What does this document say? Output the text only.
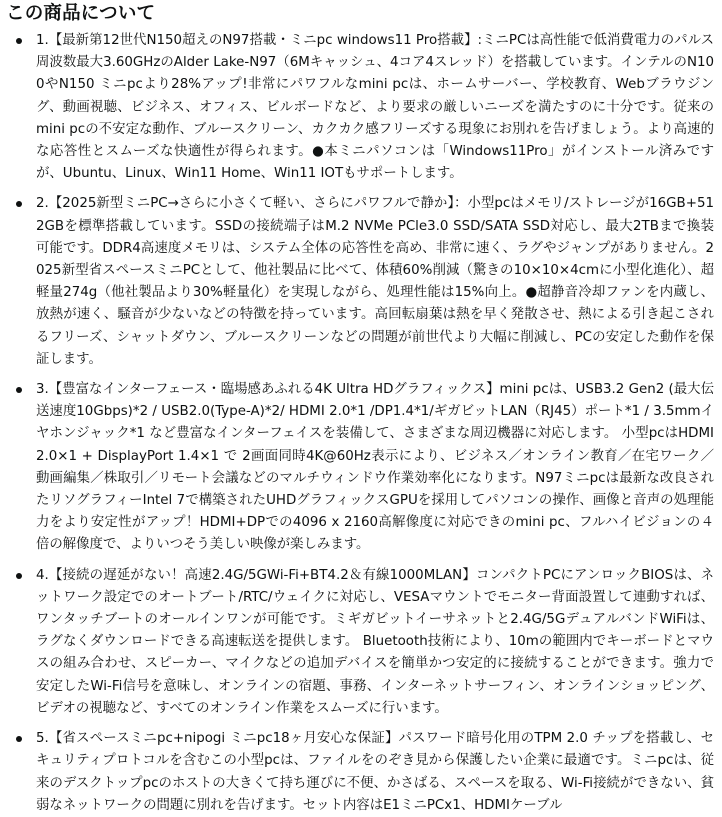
この商品について
1.【最新第12世代N150超えのN97搭載・ミニpc windows11 Pro搭載】:ミニPCは高性能で低消費電力のパルス周波数最大3.60GHzのAlder Lake-N97（6Mキャッシュ、4コア4スレッド）を搭載しています。インテルのN100やN150 ミニpcより28%アップ!非常にパワフルなmini pcは、ホームサーバー、学校教育、Webブラウジング、動画視聴、ビジネス、オフィス、ビルボードなど、より要求の厳しいニーズを満たすのに十分です。従来のmini pcの不安定な動作、ブルースクリーン、カクカク感フリーズする現象にお別れを告げましょう。より高速的な応答性とスムーズな快適性が得られます。●本ミニパソコンは「Windows11Pro」がインストール済みですが、Ubuntu、Linux、Win11 Home、Win11 IOTもサポートします。
2.【2025新型ミニPC→さらに小さくて軽い、さらにパワフルで静か】：小型pcはメモリ/ストレージが16GB+512GBを標準搭載しています。SSDの接続端子はM.2 NVMe PCle3.0 SSD/SATA SSD対応し、最大2TBまで換装可能です。DDR4高速度メモリは、システム全体の応答性を高め、非常に速く、ラグやジャンプがありません。2025新型省スペースミニPCとして、他社製品に比べて、体積60%削減（驚きの10×10×4cmに小型化進化）、超軽量274g（他社製品より30%軽量化）を実現しながら、処理性能は15%向上。●超静音冷却ファンを内蔵し、放熱が速く、騒音が少ないなどの特徴を持っています。高回転扇葉は熱を早く発散させ、熱による引き起こされるフリーズ、シャットダウン、ブルースクリーンなどの問題が前世代より大幅に削減し、PCの安定した動作を保証します。
3.【豊富なインターフェース・臨場感あふれる4K Ultra HDグラフィックス】mini pcは、USB3.2 Gen2 (最大伝送速度10Gbps)*2 / USB2.0(Type-A)*2/ HDMI 2.0*1 /DP1.4*1/ギガビットLAN（RJ45）ポート*1 / 3.5mmイヤホンジャック*1 など豊富なインターフェイスを装備して、さまざまな周辺機器に対応します。 小型pcはHDMI 2.0×1 + DisplayPort 1.4×1 で 2画面同時4K@60Hz表示により、ビジネス／オンライン教育／在宅ワーク／動画編集／株取引／リモート会議などのマルチウィンドウ作業効率化になります。N97ミニpcは最新な改良されたリソグラフィーIntel 7で構築されたUHDグラフィックスGPUを採用してパソコンの操作、画像と音声の処理能力をより安定性がアップ！HDMI+DPでの4096 x 2160高解像度に対応できのmini pc、フルハイビジョンの４倍の解像度で、よりいつそう美しい映像が楽しみます。
4.【接続の遅延がない！高速2.4G/5GWi-Fi+BT4.2＆有線1000MLAN】コンパクトPCにアンロックBIOSは、ネットワーク設定でのオートブート/RTC/ウェイクに対応し、VESAマウントでモニター背面設置して連動すれば、ワンタッチブートのオールインワンが可能です。ミギガビットイーサネットと2.4G/5GデュアルバンドWiFiは、ラグなくダウンロードできる高速転送を提供します。 Bluetooth技術により、10mの範囲内でキーボードとマウスの組み合わせ、スピーカー、マイクなどの追加デバイスを簡単かつ安定的に接続することができます。強力で安定したWi-Fi信号を意味し、オンラインの宿題、事務、インターネットサーフィン、オンラインショッピング、ビデオの視聴など、すべてのオンライン作業をスムーズに行います。
5.【省スペースミニpc+nipogi ミニpc18ヶ月安心な保証】パスワード暗号化用のTPM 2.0 チップを搭載し、セキュリティプロトコルを含むこの小型pcは、ファイルをのぞき見から保護したい企業に最適です。ミニpcは、従来のデスクトップpcのホストの大きくて持ち運びに不便、かさばる、スペースを取る、Wi-Fi接続ができない、貧弱なネットワークの問題に別れを告げます。セット内容はE1ミニPCx1、HDMIケーブル
